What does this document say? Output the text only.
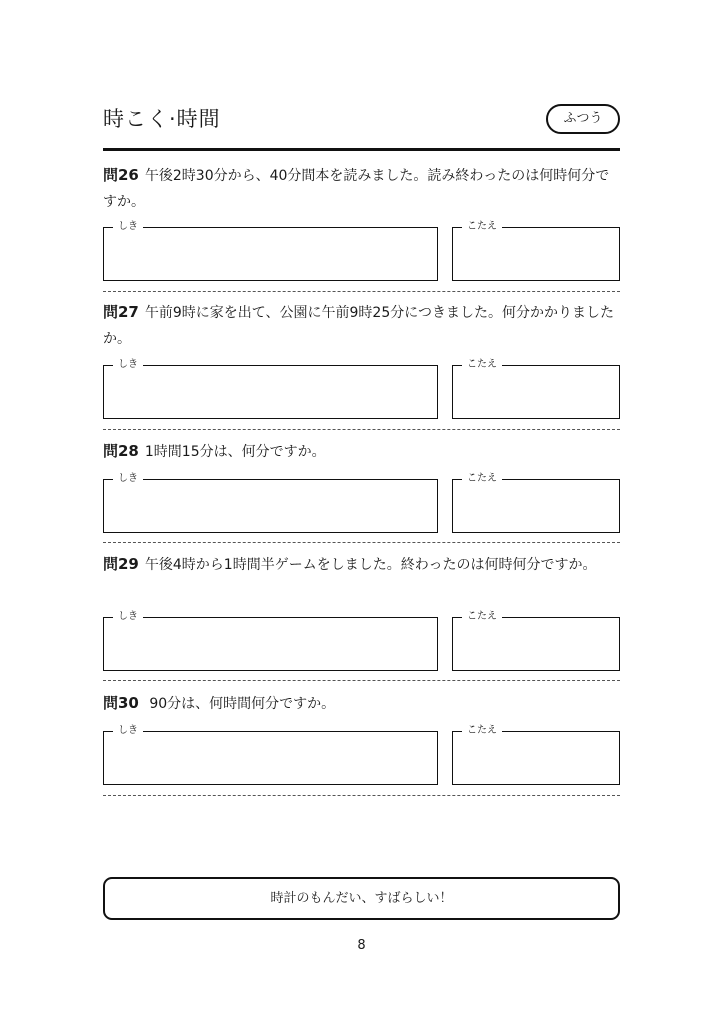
時こく·時間	ふつう

問26 午後2時30分から、40分間本を読みました。読み終わったのは何時何分ですか。

しき	こたえ

問27 午前9時に家を出て、公園に午前9時25分につきました。何分かかりましたか。

しき	こたえ

問28 1時間15分は、何分ですか。

しき	こたえ

問29 午後4時から1時間半ゲームをしました。終わったのは何時何分ですか。

しき	こたえ

問30 90分は、何時間何分ですか。

しき	こたえ
時計のもんだい、すばらしい！
8
